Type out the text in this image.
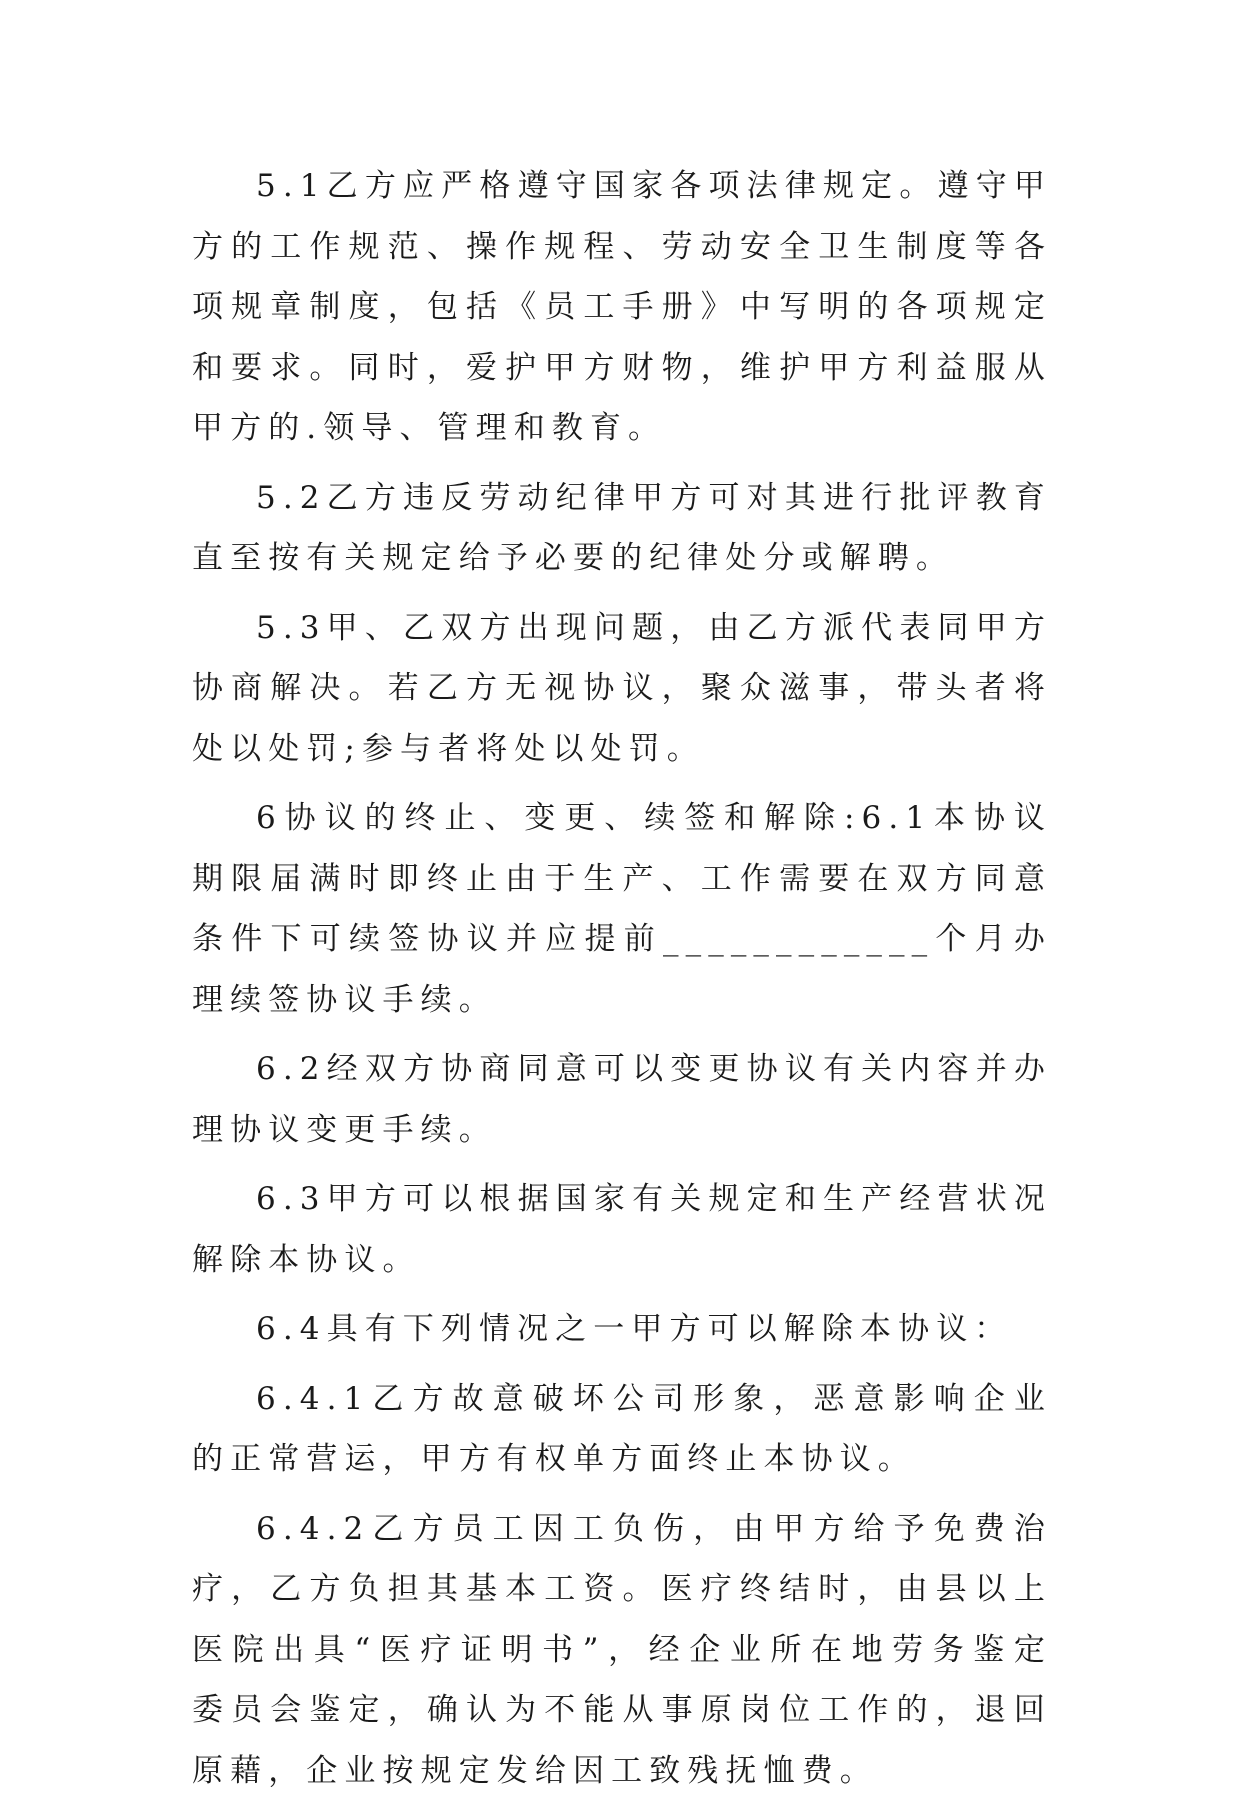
5.1乙方应严格遵守国家各项法律规定。遵守甲方的工作规范、操作规程、劳动安全卫生制度等各项规章制度，包括《员工手册》中写明的各项规定和要求。同时，爱护甲方财物，维护甲方利益服从甲方的.领导、管理和教育。

5.2乙方违反劳动纪律甲方可对其进行批评教育直至按有关规定给予必要的纪律处分或解聘。

5.3甲、乙双方出现问题，由乙方派代表同甲方协商解决。若乙方无视协议，聚众滋事，带头者将处以处罚;参与者将处以处罚。

6协议的终止、变更、续签和解除:6.1本协议期限届满时即终止由于生产、工作需要在双方同意条件下可续签协议并应提前____________个月办理续签协议手续。

6.2经双方协商同意可以变更协议有关内容并办理协议变更手续。

6.3甲方可以根据国家有关规定和生产经营状况解除本协议。

6.4具有下列情况之一甲方可以解除本协议：

6.4.1乙方故意破坏公司形象，恶意影响企业的正常营运，甲方有权单方面终止本协议。

6.4.2乙方员工因工负伤，由甲方给予免费治疗，乙方负担其基本工资。医疗终结时，由县以上医院出具“医疗证明书”，经企业所在地劳务鉴定　委员会鉴定，确认为不能从事原岗位工作的，退回原藉，企业按规定发给因工致残抚恤费。
